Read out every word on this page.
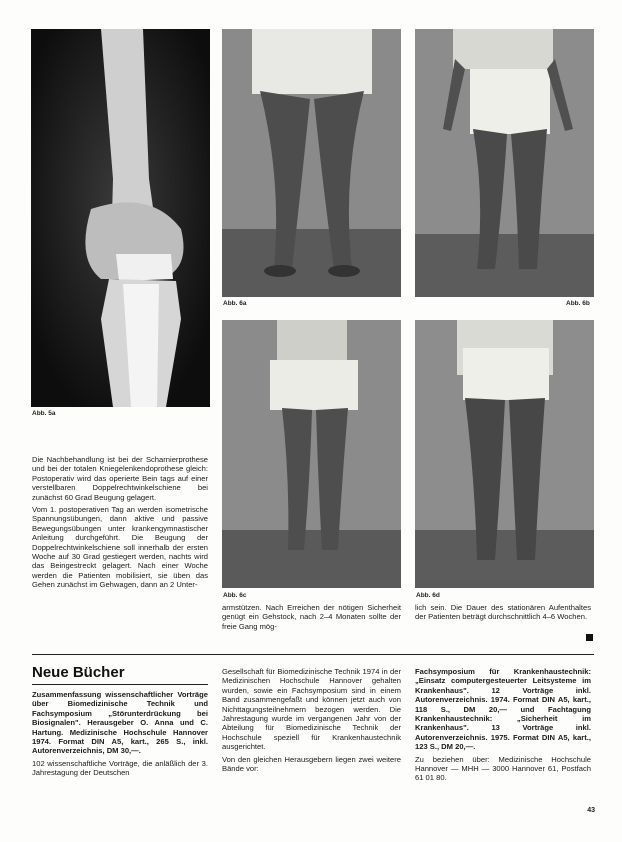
Abb. 5a
Abb. 6a	Abb. 6b
Abb. 6c	Abb. 6d

Die Nachbehandlung ist bei der Scharnierprothese und bei der totalen Kniegelenkendoprothese gleich: Postoperativ wird das operierte Bein tags auf einer verstellbaren Doppelrechtwinkelschiene bei zunächst 60 Grad Beugung gelagert.

Vom 1. postoperativen Tag an werden isometrische Spannungsübungen, dann aktive und passive Bewegungsübungen unter krankengymnastischer Anleitung durchgeführt. Die Beugung der Doppelrechtwinkelschiene soll innerhalb der ersten Woche auf 30 Grad gestiegert werden, nachts wird das Beingestreckt gelagert. Nach einer Woche werden die Patienten mobilisiert, sie üben das Gehen zunächst im Gehwagen, dann an 2 Unter-

armstützen. Nach Erreichen der nötigen Sicherheit genügt ein Gehstock, nach 2–4 Monaten sollte der freie Gang mög-

lich sein. Die Dauer des stationären Aufenthaltes der Patienten beträgt durchschnittlich 4–6 Wochen.

Neue Bücher

Zusammenfassung wissenschaftlicher Vorträge über Biomedizinische Technik und Fachsymposium „Störunterdrückung bei Biosignalen". Herausgeber O. Anna und C. Hartung. Medizinische Hochschule Hannover 1974. Format DIN A5, kart., 265 S., inkl. Autorenverzeichnis, DM 30,—.

102 wissenschaftliche Vorträge, die anläßlich der 3. Jahrestagung der Deutschen

Gesellschaft für Biomedizinische Technik 1974 in der Medizinischen Hochschule Hannover gehalten wurden, sowie ein Fachsymposium sind in einem Band zusammengefaßt und können jetzt auch von Nichttagungsteilnehmern bezogen werden. Die Jahrestagung wurde im vergangenen Jahr von der Abteilung für Biomedizinische Technik der Hochschule speziell für Krankenhaustechnik ausgerichtet.

Von den gleichen Herausgebern liegen zwei weitere Bände vor:

Fachsymposium für Krankenhaustechnik: „Einsatz computergesteuerter Leitsysteme im Krankenhaus". 12 Vorträge inkl. Autorenverzeichnis. 1974. Format DIN A5, kart., 118 S., DM 20,— und Fachtagung Krankenhaustechnik: „Sicherheit im Krankenhaus". 13 Vorträge inkl. Autorenverzeichnis. 1975. Format DIN A5, kart., 123 S., DM 20,—.

Zu beziehen über: Medizinische Hochschule Hannover — MHH — 3000 Hannover 61, Postfach 61 01 80.

43
